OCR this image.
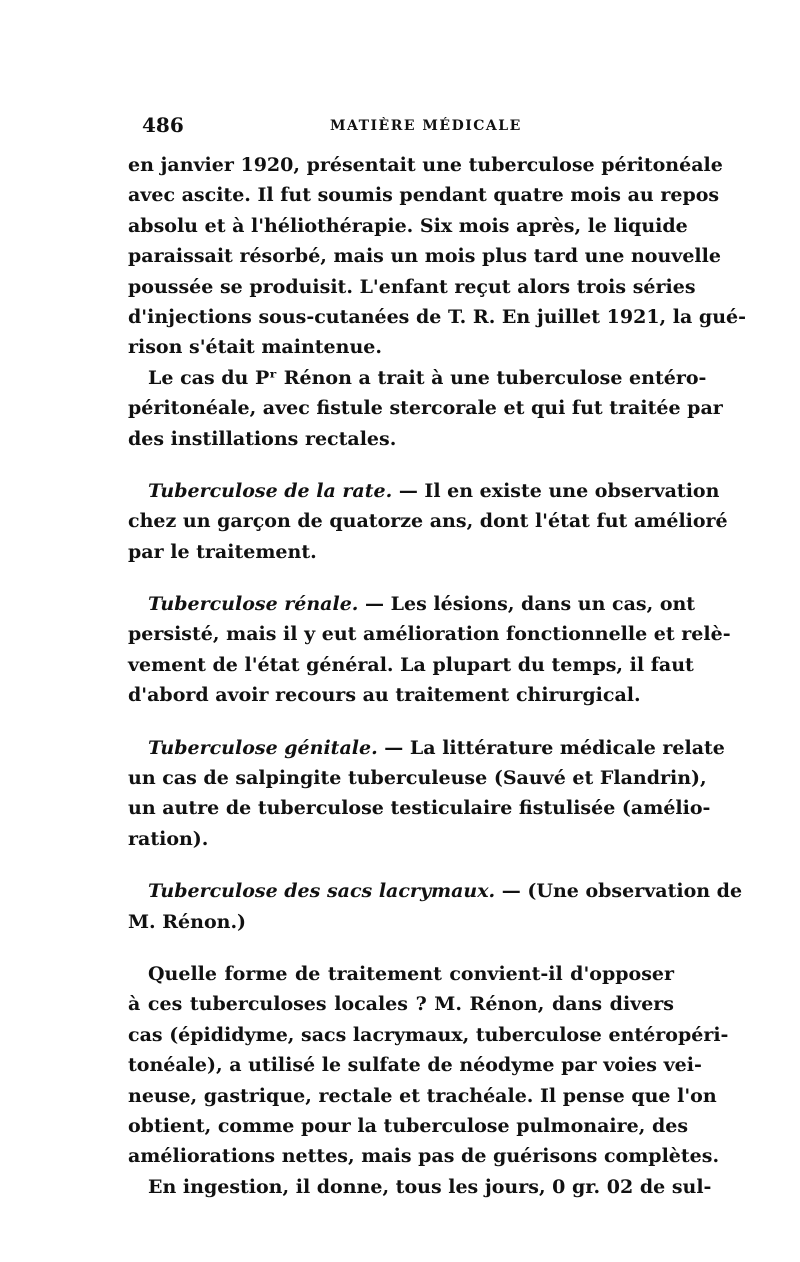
486	MATIÈRE MÉDICALE
en janvier 1920, présentait une tuberculose péritonéale
avec ascite. Il fut soumis pendant quatre mois au repos
absolu et à l'héliothérapie. Six mois après, le liquide
paraissait résorbé, mais un mois plus tard une nouvelle
poussée se produisit. L'enfant reçut alors trois séries
d'injections sous-cutanées de T. R. En juillet 1921, la gué-
rison s'était maintenue.
Le cas du Pʳ Rénon a trait à une tuberculose entéro-
péritonéale, avec fistule stercorale et qui fut traitée par
des instillations rectales.
Tuberculose de la rate. — Il en existe une observation
chez un garçon de quatorze ans, dont l'état fut amélioré
par le traitement.
Tuberculose rénale. — Les lésions, dans un cas, ont
persisté, mais il y eut amélioration fonctionnelle et relè-
vement de l'état général. La plupart du temps, il faut
d'abord avoir recours au traitement chirurgical.
Tuberculose génitale. — La littérature médicale relate
un cas de salpingite tuberculeuse (Sauvé et Flandrin),
un autre de tuberculose testiculaire fistulisée (amélio-
ration).
Tuberculose des sacs lacrymaux. — (Une observation de
M. Rénon.)
Quelle forme de traitement convient-il d'opposer
à ces tuberculoses locales ? M. Rénon, dans divers
cas (épididyme, sacs lacrymaux, tuberculose entéropéri-
tonéale), a utilisé le sulfate de néodyme par voies vei-
neuse, gastrique, rectale et trachéale. Il pense que l'on
obtient, comme pour la tuberculose pulmonaire, des
améliorations nettes, mais pas de guérisons complètes.
En ingestion, il donne, tous les jours, 0 gr. 02 de sul-
